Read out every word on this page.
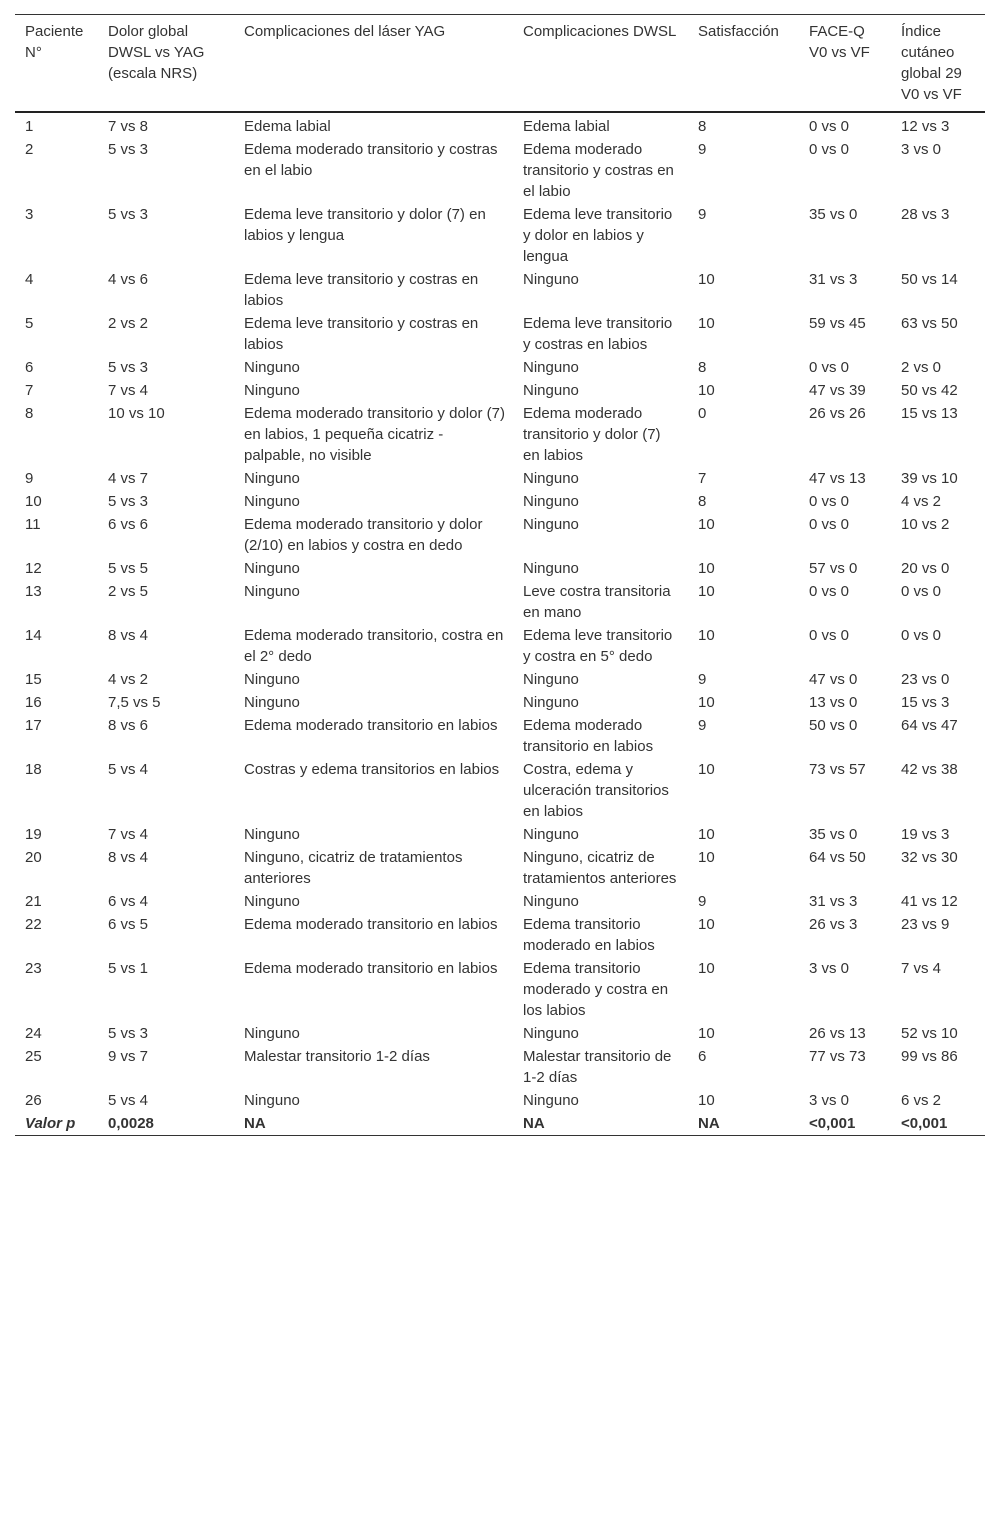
Paciente N°	Dolor global DWSL vs YAG (escala NRS)	Complicaciones del láser YAG	Complicaciones DWSL	Satisfacción	FACE-Q V0 vs VF	Índice cutáneo global 29 V0 vs VF
1	7 vs 8	Edema labial	Edema labial	8	0 vs 0	12 vs 3
2	5 vs 3	Edema moderado transitorio y costras en el labio	Edema moderado transitorio y costras en el labio	9	0 vs 0	3 vs 0
3	5 vs 3	Edema leve transitorio y dolor (7) en labios y lengua	Edema leve transitorio y dolor en labios y lengua	9	35 vs 0	28 vs 3
4	4 vs 6	Edema leve transitorio y costras en labios	Ninguno	10	31 vs 3	50 vs 14
5	2 vs 2	Edema leve transitorio y costras en labios	Edema leve transitorio y costras en labios	10	59 vs 45	63 vs 50
6	5 vs 3	Ninguno	Ninguno	8	0 vs 0	2 vs 0
7	7 vs 4	Ninguno	Ninguno	10	47 vs 39	50 vs 42
8	10 vs 10	Edema moderado transitorio y dolor (7) en labios, 1 pequeña cicatriz - palpable, no visible	Edema moderado transitorio y dolor (7) en labios	0	26 vs 26	15 vs 13
9	4 vs 7	Ninguno	Ninguno	7	47 vs 13	39 vs 10
10	5 vs 3	Ninguno	Ninguno	8	0 vs 0	4 vs 2
11	6 vs 6	Edema moderado transitorio y dolor (2/10) en labios y costra en dedo	Ninguno	10	0 vs 0	10 vs 2
12	5 vs 5	Ninguno	Ninguno	10	57 vs 0	20 vs 0
13	2 vs 5	Ninguno	Leve costra transitoria en mano	10	0 vs 0	0 vs 0
14	8 vs 4	Edema moderado transitorio, costra en el 2° dedo	Edema leve transitorio y costra en 5° dedo	10	0 vs 0	0 vs 0
15	4 vs 2	Ninguno	Ninguno	9	47 vs 0	23 vs 0
16	7,5 vs 5	Ninguno	Ninguno	10	13 vs 0	15 vs 3
17	8 vs 6	Edema moderado transitorio en labios	Edema moderado transitorio en labios	9	50 vs 0	64 vs 47
18	5 vs 4	Costras y edema transitorios en labios	Costra, edema y ulceración transitorios en labios	10	73 vs 57	42 vs 38
19	7 vs 4	Ninguno	Ninguno	10	35 vs 0	19 vs 3
20	8 vs 4	Ninguno, cicatriz de tratamientos anteriores	Ninguno, cicatriz de tratamientos anteriores	10	64 vs 50	32 vs 30
21	6 vs 4	Ninguno	Ninguno	9	31 vs 3	41 vs 12
22	6 vs 5	Edema moderado transitorio en labios	Edema transitorio moderado en labios	10	26 vs 3	23 vs 9
23	5 vs 1	Edema moderado transitorio en labios	Edema transitorio moderado y costra en los labios	10	3 vs 0	7 vs 4
24	5 vs 3	Ninguno	Ninguno	10	26 vs 13	52 vs 10
25	9 vs 7	Malestar transitorio 1-2 días	Malestar transitorio de 1-2 días	6	77 vs 73	99 vs 86
26	5 vs 4	Ninguno	Ninguno	10	3 vs 0	6 vs 2
Valor p	0,0028	NA	NA	NA	<0,001	<0,001
